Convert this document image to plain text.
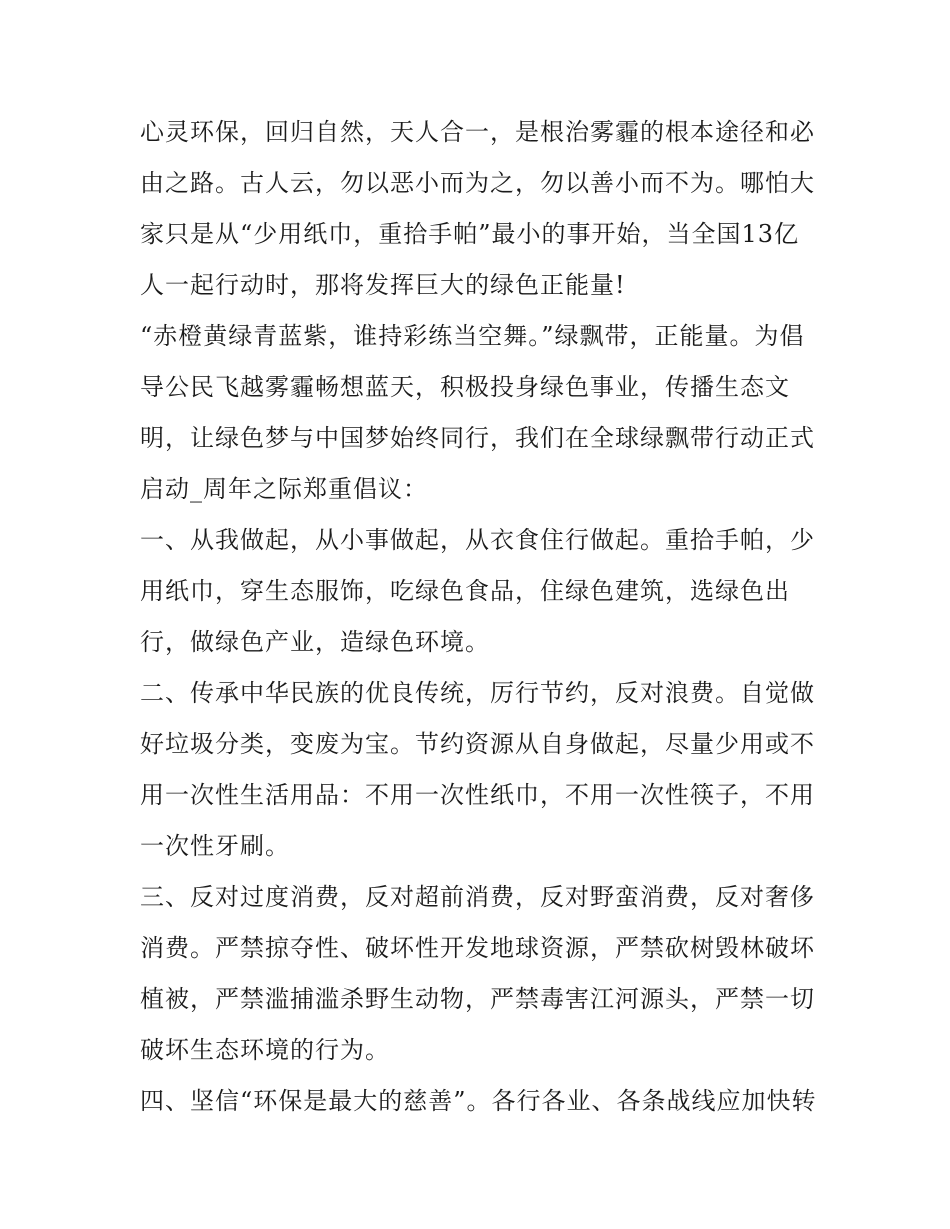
心灵环保，回归自然，天人合一，是根治雾霾的根本途径和必
由之路。古人云，勿以恶小而为之，勿以善小而不为。哪怕大
家只是从“少用纸巾，重拾手帕”最小的事开始，当全国13亿
人一起行动时，那将发挥巨大的绿色正能量!
“赤橙黄绿青蓝紫，谁持彩练当空舞。”绿飘带，正能量。为倡
导公民飞越雾霾畅想蓝天，积极投身绿色事业，传播生态文
明，让绿色梦与中国梦始终同行，我们在全球绿飘带行动正式
启动_周年之际郑重倡议：
一、从我做起，从小事做起，从衣食住行做起。重拾手帕，少
用纸巾，穿生态服饰，吃绿色食品，住绿色建筑，选绿色出
行，做绿色产业，造绿色环境。
二、传承中华民族的优良传统，厉行节约，反对浪费。自觉做
好垃圾分类，变废为宝。节约资源从自身做起，尽量少用或不
用一次性生活用品：不用一次性纸巾，不用一次性筷子，不用
一次性牙刷。
三、反对过度消费，反对超前消费，反对野蛮消费，反对奢侈
消费。严禁掠夺性、破坏性开发地球资源，严禁砍树毁林破坏
植被，严禁滥捕滥杀野生动物，严禁毒害江河源头，严禁一切
破坏生态环境的行为。
四、坚信“环保是最大的慈善”。各行各业、各条战线应加快转
